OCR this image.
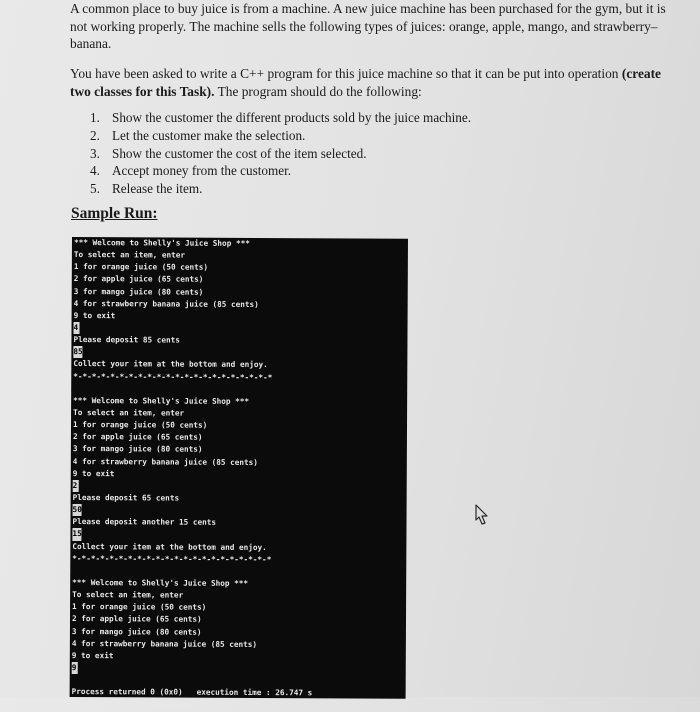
A common place to buy juice is from a machine. A new juice machine has been purchased for the gym, but it is not working properly. The machine sells the following types of juices: orange, apple, mango, and strawberry–banana.

You have been asked to write a C++ program for this juice machine so that it can be put into operation (create two classes for this Task). The program should do the following:

1. Show the customer the different products sold by the juice machine.
2. Let the customer make the selection.
3. Show the customer the cost of the item selected.
4. Accept money from the customer.
5. Release the item.
Sample Run:
*** Welcome to Shelly's Juice Shop ***
To select an item, enter
1 for orange juice (50 cents)
2 for apple juice (65 cents)
3 for mango juice (80 cents)
4 for strawberry banana juice (85 cents)
9 to exit
4
Please deposit 85 cents
85
Collect your item at the bottom and enjoy.
*-*-*-*-*-*-*-*-*-*-*-*-*-*-*-*-*-*-*-*-*-*
*** Welcome to Shelly's Juice Shop ***
To select an item, enter
1 for orange juice (50 cents)
2 for apple juice (65 cents)
3 for mango juice (80 cents)
4 for strawberry banana juice (85 cents)
9 to exit
2
Please deposit 65 cents
50
Please deposit another 15 cents
15
Collect your item at the bottom and enjoy.
*-*-*-*-*-*-*-*-*-*-*-*-*-*-*-*-*-*-*-*-*-*
*** Welcome to Shelly's Juice Shop ***
To select an item, enter
1 for orange juice (50 cents)
2 for apple juice (65 cents)
3 for mango juice (80 cents)
4 for strawberry banana juice (85 cents)
9 to exit
9
Process returned 0 (0x0)   execution time : 26.747 s
Press any key to continue.
